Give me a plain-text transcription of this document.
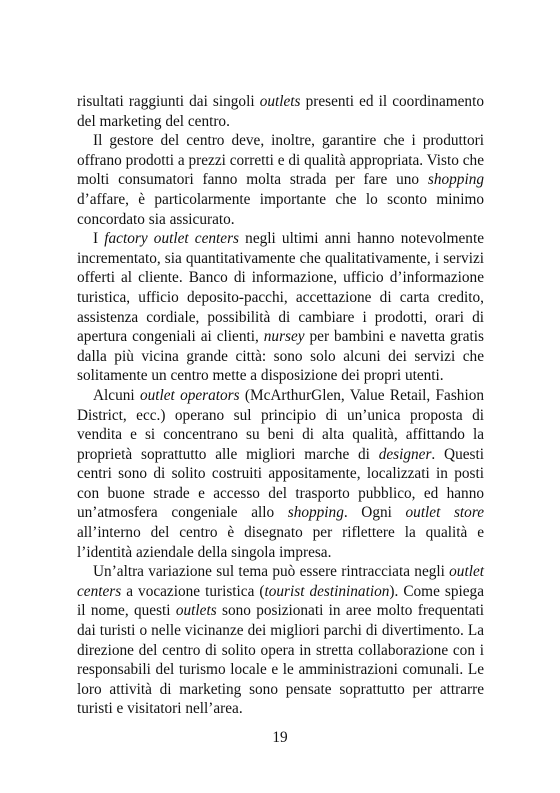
risultati raggiunti dai singoli outlets presenti ed il coordinamento del marketing del centro.

Il gestore del centro deve, inoltre, garantire che i produttori offrano prodotti a prezzi corretti e di qualità appropriata. Visto che molti consumatori fanno molta strada per fare uno shopping d’affare, è particolarmente importante che lo sconto minimo concordato sia assicurato.

I factory outlet centers negli ultimi anni hanno notevolmente incrementato, sia quantitativamente che qualitativamente, i servizi offerti al cliente. Banco di informazione, ufficio d’informazione turistica, ufficio deposito-pacchi, accettazione di carta credito, assistenza cordiale, possibilità di cambiare i prodotti, orari di apertura congeniali ai clienti, nursey per bambini e navetta gratis dalla più vicina grande città: sono solo alcuni dei servizi che solitamente un centro mette a disposizione dei propri utenti.

Alcuni outlet operators (McArthurGlen, Value Retail, Fashion District, ecc.) operano sul principio di un’unica proposta di vendita e si concentrano su beni di alta qualità, affittando la proprietà soprattutto alle migliori marche di designer. Questi centri sono di solito costruiti appositamente, localizzati in posti con buone strade e accesso del trasporto pubblico, ed hanno un’atmosfera congeniale allo shopping. Ogni outlet store all’interno del centro è disegnato per riflettere la qualità e l’identità aziendale della singola impresa.

Un’altra variazione sul tema può essere rintracciata negli outlet centers a vocazione turistica (tourist destinination). Come spiega il nome, questi outlets sono posizionati in aree molto frequentati dai turisti o nelle vicinanze dei migliori parchi di divertimento. La direzione del centro di solito opera in stretta collaborazione con i responsabili del turismo locale e le amministrazioni comunali. Le loro attività di marketing sono pensate soprattutto per attrarre turisti e visitatori nell’area.

19
